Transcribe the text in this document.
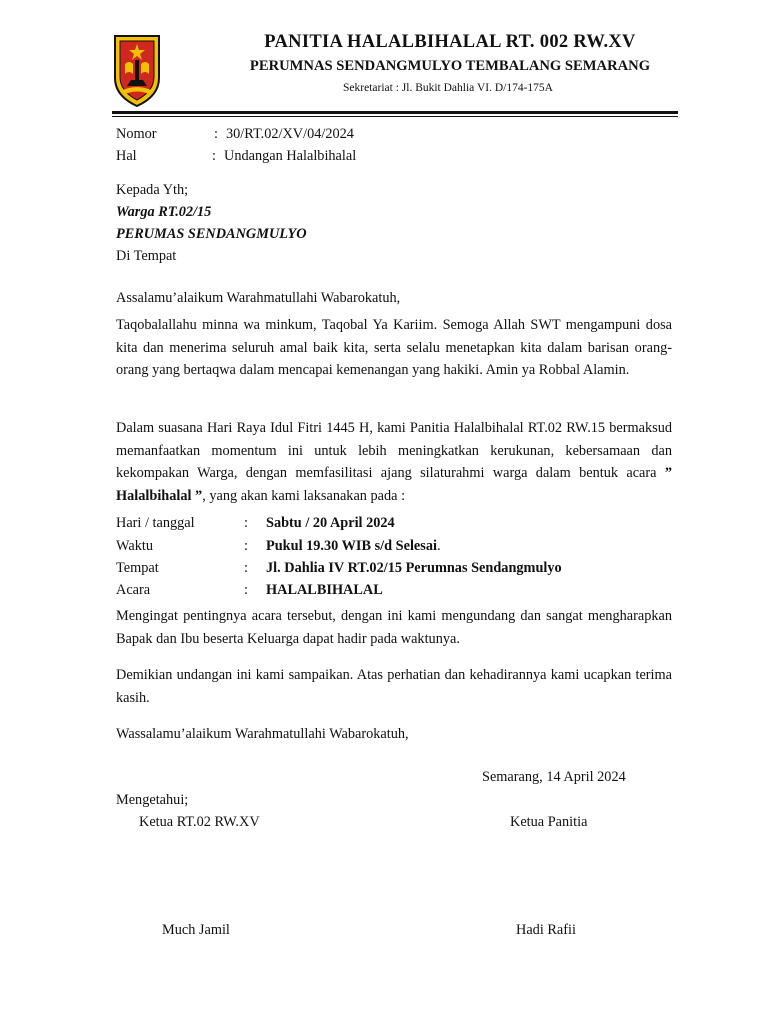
PANITIA HALALBIHALAL RT. 002 RW.XV
PERUMNAS SENDANGMULYO TEMBALANG SEMARANG
Sekretariat : Jl. Bukit Dahlia VI. D/174-175A
Nomor	: 30/RT.02/XV/04/2024
Hal	: Undangan Halalbihalal
Kepada Yth;
Warga RT.02/15
PERUMAS SENDANGMULYO
Di Tempat
Assalamu’alaikum Warahmatullahi Wabarokatuh,
Taqobalallahu minna wa minkum, Taqobal Ya Kariim. Semoga Allah SWT mengampuni dosa kita dan menerima seluruh amal baik kita, serta selalu menetapkan kita dalam barisan orang-orang yang bertaqwa dalam mencapai kemenangan yang hakiki. Amin ya Robbal Alamin.
Dalam suasana Hari Raya Idul Fitri 1445 H, kami Panitia Halalbihalal RT.02 RW.15 bermaksud memanfaatkan momentum ini untuk lebih meningkatkan kerukunan, kebersamaan dan kekompakan Warga, dengan memfasilitasi ajang silaturahmi warga dalam bentuk acara ” Halalbihalal ”, yang akan kami laksanakan pada :
Hari / tanggal	: Sabtu / 20 April 2024
Waktu	: Pukul 19.30 WIB s/d Selesai.
Tempat	: Jl. Dahlia IV RT.02/15 Perumnas Sendangmulyo
Acara	: HALALBIHALAL
Mengingat pentingnya acara tersebut, dengan ini kami mengundang dan sangat mengharapkan Bapak dan Ibu beserta Keluarga dapat hadir pada waktunya.
Demikian undangan ini kami sampaikan. Atas perhatian dan kehadirannya kami ucapkan terima kasih.
Wassalamu’alaikum Warahmatullahi Wabarokatuh,
Semarang, 14 April 2024
Mengetahui;
Ketua RT.02 RW.XV	Ketua Panitia
Much Jamil	Hadi Rafii
